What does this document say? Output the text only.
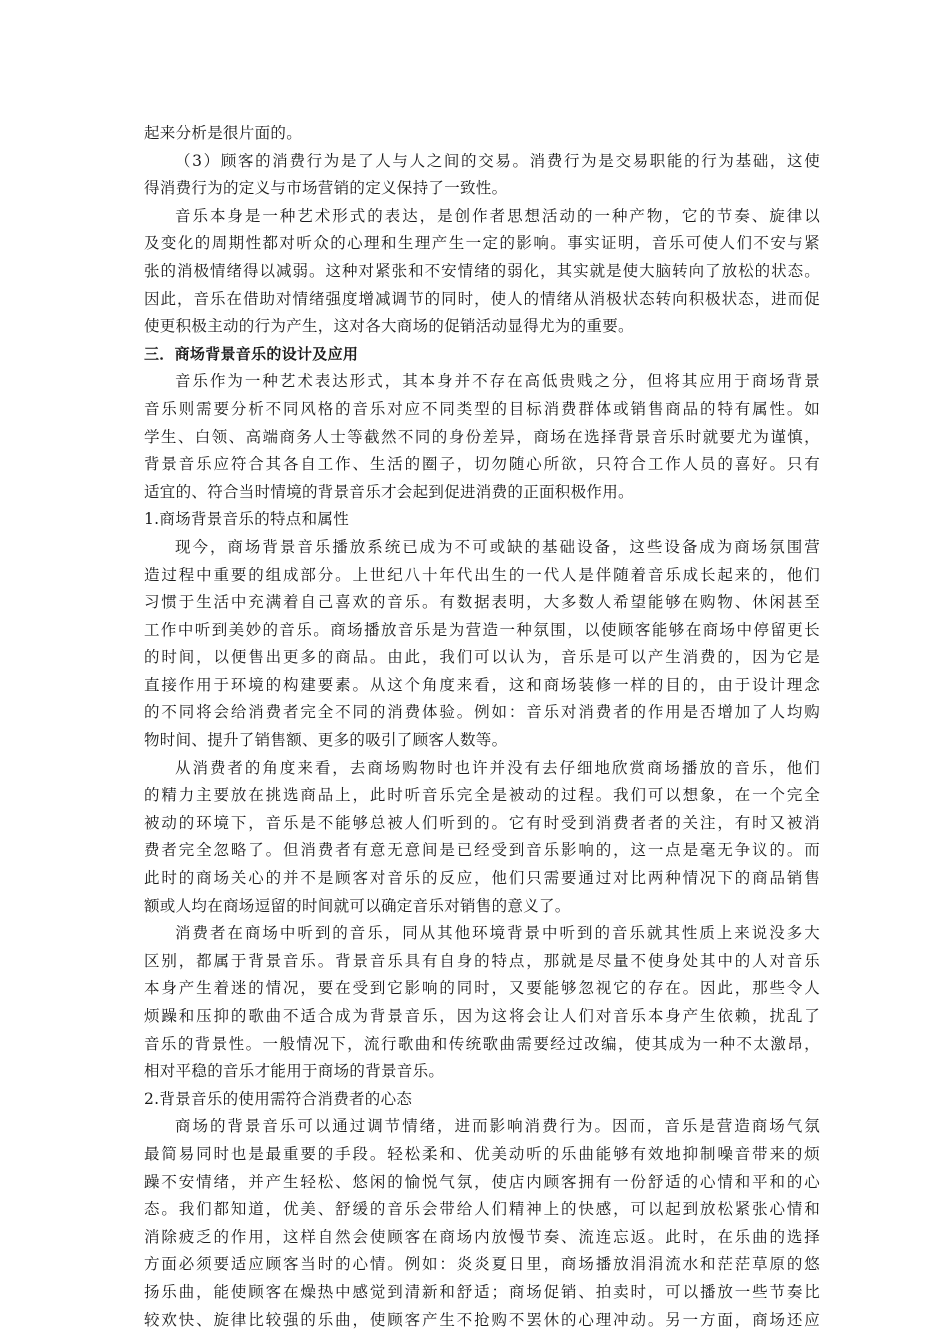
起来分析是很片面的。
（3）顾客的消费行为是了人与人之间的交易。消费行为是交易职能的行为基础，这使
得消费行为的定义与市场营销的定义保持了一致性。
音乐本身是一种艺术形式的表达，是创作者思想活动的一种产物，它的节奏、旋律以
及变化的周期性都对听众的心理和生理产生一定的影响。事实证明，音乐可使人们不安与紧
张的消极情绪得以减弱。这种对紧张和不安情绪的弱化，其实就是使大脑转向了放松的状态。
因此，音乐在借助对情绪强度增减调节的同时，使人的情绪从消极状态转向积极状态，进而促
使更积极主动的行为产生，这对各大商场的促销活动显得尤为的重要。
三．商场背景音乐的设计及应用
音乐作为一种艺术表达形式，其本身并不存在高低贵贱之分，但将其应用于商场背景
音乐则需要分析不同风格的音乐对应不同类型的目标消费群体或销售商品的特有属性。如
学生、白领、高端商务人士等截然不同的身份差异，商场在选择背景音乐时就要尤为谨慎，
背景音乐应符合其各自工作、生活的圈子，切勿随心所欲，只符合工作人员的喜好。只有
适宜的、符合当时情境的背景音乐才会起到促进消费的正面积极作用。
1.商场背景音乐的特点和属性
现今，商场背景音乐播放系统已成为不可或缺的基础设备，这些设备成为商场氛围营
造过程中重要的组成部分。上世纪八十年代出生的一代人是伴随着音乐成长起来的，他们
习惯于生活中充满着自己喜欢的音乐。有数据表明，大多数人希望能够在购物、休闲甚至
工作中听到美妙的音乐。商场播放音乐是为营造一种氛围，以使顾客能够在商场中停留更长
的时间，以便售出更多的商品。由此，我们可以认为，音乐是可以产生消费的，因为它是
直接作用于环境的构建要素。从这个角度来看，这和商场装修一样的目的，由于设计理念
的不同将会给消费者完全不同的消费体验。例如：音乐对消费者的作用是否增加了人均购
物时间、提升了销售额、更多的吸引了顾客人数等。
从消费者的角度来看，去商场购物时也许并没有去仔细地欣赏商场播放的音乐，他们
的精力主要放在挑选商品上，此时听音乐完全是被动的过程。我们可以想象，在一个完全
被动的环境下，音乐是不能够总被人们听到的。它有时受到消费者者的关注，有时又被消
费者完全忽略了。但消费者有意无意间是已经受到音乐影响的，这一点是毫无争议的。而
此时的商场关心的并不是顾客对音乐的反应，他们只需要通过对比两种情况下的商品销售
额或人均在商场逗留的时间就可以确定音乐对销售的意义了。
消费者在商场中听到的音乐，同从其他环境背景中听到的音乐就其性质上来说没多大
区别，都属于背景音乐。背景音乐具有自身的特点，那就是尽量不使身处其中的人对音乐
本身产生着迷的情况，要在受到它影响的同时，又要能够忽视它的存在。因此，那些令人
烦躁和压抑的歌曲不适合成为背景音乐，因为这将会让人们对音乐本身产生依赖，扰乱了
音乐的背景性。一般情况下，流行歌曲和传统歌曲需要经过改编，使其成为一种不太激昂，
相对平稳的音乐才能用于商场的背景音乐。
2.背景音乐的使用需符合消费者的心态
商场的背景音乐可以通过调节情绪，进而影响消费行为。因而，音乐是营造商场气氛
最简易同时也是最重要的手段。轻松柔和、优美动听的乐曲能够有效地抑制噪音带来的烦
躁不安情绪，并产生轻松、悠闲的愉悦气氛，使店内顾客拥有一份舒适的心情和平和的心
态。我们都知道，优美、舒缓的音乐会带给人们精神上的快感，可以起到放松紧张心情和
消除疲乏的作用，这样自然会使顾客在商场内放慢节奏、流连忘返。此时，在乐曲的选择
方面必须要适应顾客当时的心情。例如：炎炎夏日里，商场播放涓涓流水和茫茫草原的悠
扬乐曲，能使顾客在燥热中感觉到清新和舒适；商场促销、拍卖时，可以播放一些节奏比
较欢快、旋律比较强的乐曲，使顾客产生不抢购不罢休的心理冲动。另一方面，商场还应
